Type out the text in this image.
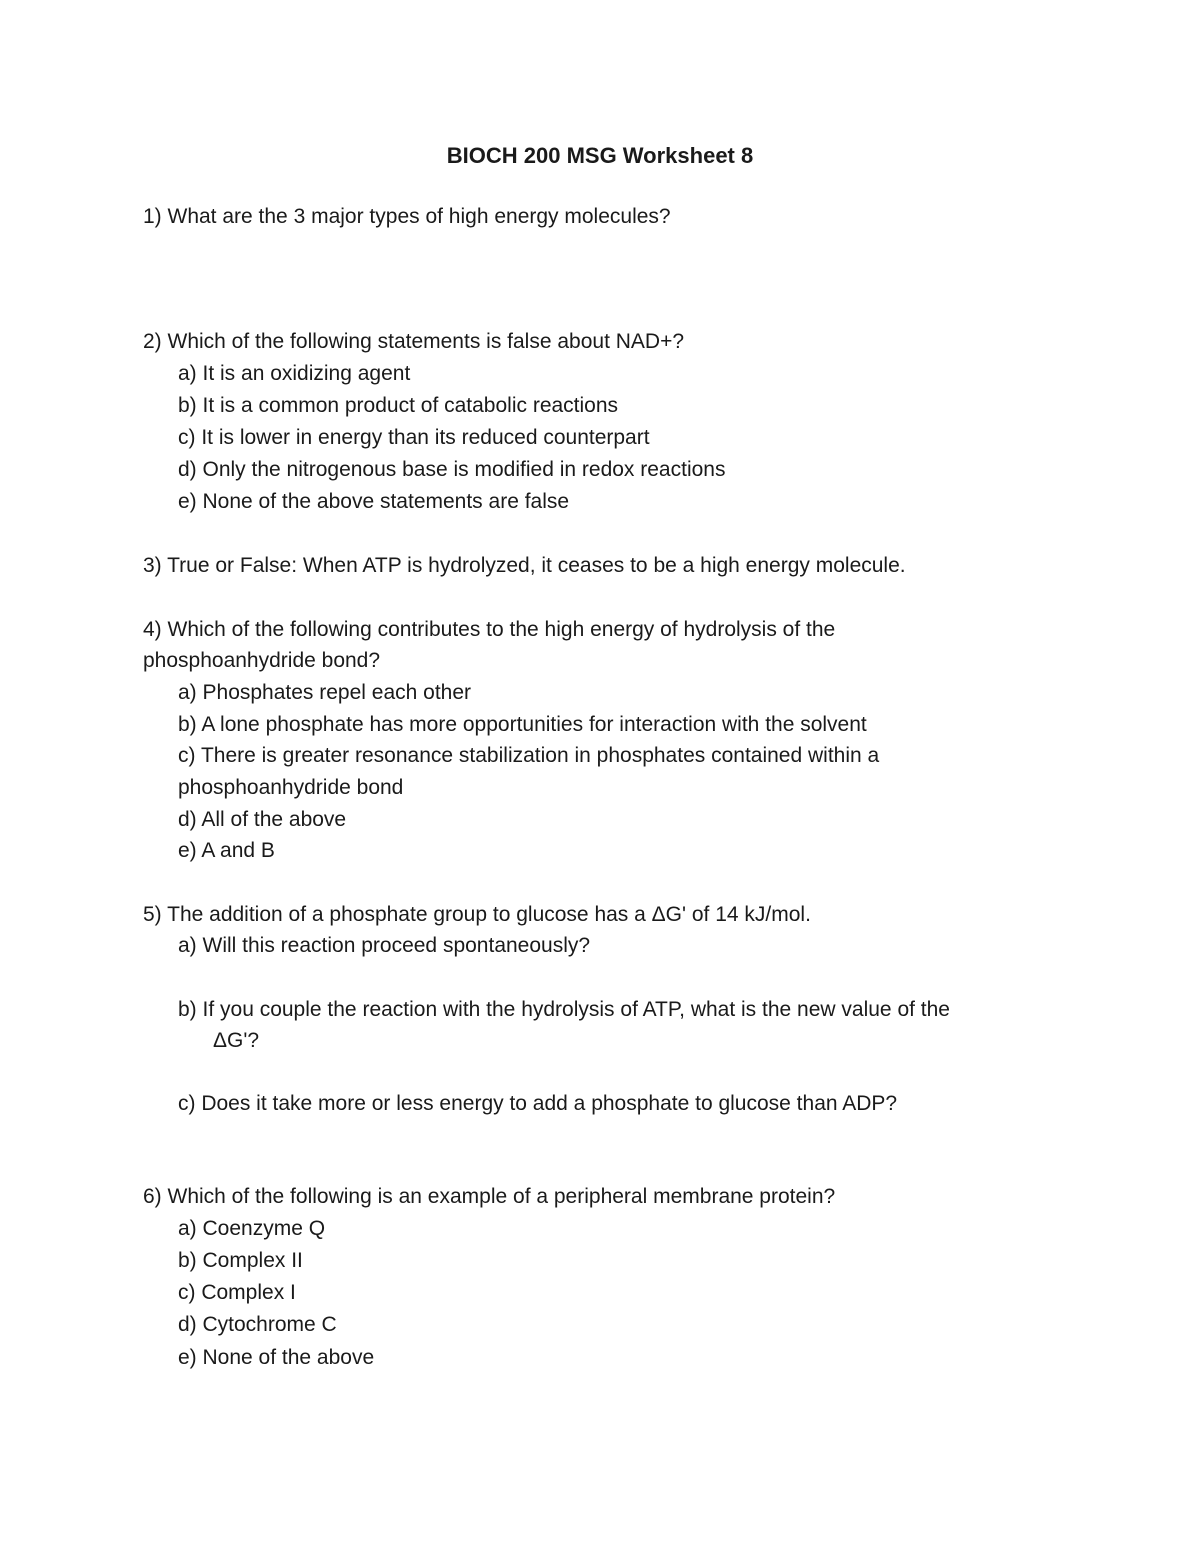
BIOCH 200 MSG Worksheet 8
1) What are the 3 major types of high energy molecules?
2) Which of the following statements is false about NAD+?
a) It is an oxidizing agent
b) It is a common product of catabolic reactions
c) It is lower in energy than its reduced counterpart
d) Only the nitrogenous base is modified in redox reactions
e) None of the above statements are false
3) True or False: When ATP is hydrolyzed, it ceases to be a high energy molecule.
4) Which of the following contributes to the high energy of hydrolysis of the
phosphoanhydride bond?
a) Phosphates repel each other
b) A lone phosphate has more opportunities for interaction with the solvent
c) There is greater resonance stabilization in phosphates contained within a
phosphoanhydride bond
d) All of the above
e) A and B
5) The addition of a phosphate group to glucose has a ΔG' of 14 kJ/mol.
a) Will this reaction proceed spontaneously?
b) If you couple the reaction with the hydrolysis of ATP, what is the new value of the
ΔG'?
c) Does it take more or less energy to add a phosphate to glucose than ADP?
6) Which of the following is an example of a peripheral membrane protein?
a) Coenzyme Q
b) Complex II
c) Complex I
d) Cytochrome C
e) None of the above
